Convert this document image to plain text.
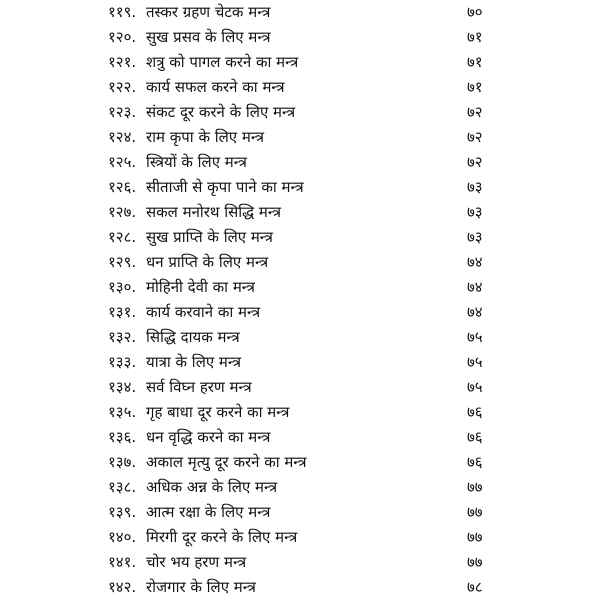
११९. तस्कर ग्रहण चेटक मन्त्र	७०
१२०. सुख प्रसव के लिए मन्त्र	७१
१२१. शत्रु को पागल करने का मन्त्र	७१
१२२. कार्य सफल करने का मन्त्र	७१
१२३. संकट दूर करने के लिए मन्त्र	७२
१२४. राम कृपा के लिए मन्त्र	७२
१२५. स्त्रियों के लिए मन्त्र	७२
१२६. सीताजी से कृपा पाने का मन्त्र	७३
१२७. सकल मनोरथ सिद्धि मन्त्र	७३
१२८. सुख प्राप्ति के लिए मन्त्र	७३
१२९. धन प्राप्ति के लिए मन्त्र	७४
१३०. मोहिनी देवी का मन्त्र	७४
१३१. कार्य करवाने का मन्त्र	७४
१३२. सिद्धि दायक मन्त्र	७५
१३३. यात्रा के लिए मन्त्र	७५
१३४. सर्व विघ्न हरण मन्त्र	७५
१३५. गृह बाधा दूर करने का मन्त्र	७६
१३६. धन वृद्धि करने का मन्त्र	७६
१३७. अकाल मृत्यु दूर करने का मन्त्र	७६
१३८. अधिक अन्न के लिए मन्त्र	७७
१३९. आत्म रक्षा के लिए मन्त्र	७७
१४०. मिरगी दूर करने के लिए मन्त्र	७७
१४१. चोर भय हरण मन्त्र	७७
१४२. रोजगार के लिए मन्त्र	७८
